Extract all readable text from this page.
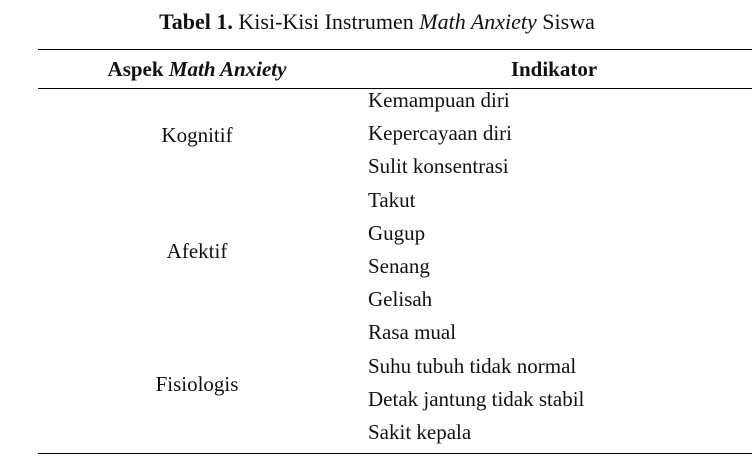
Tabel 1. Kisi-Kisi Instrumen Math Anxiety Siswa
Aspek Math Anxiety	Indikator
Kognitif
Afektif
Fisiologis
Kemampuan diri
Kepercayaan diri
Sulit konsentrasi
Takut
Gugup
Senang
Gelisah
Rasa mual
Suhu tubuh tidak normal
Detak jantung tidak stabil
Sakit kepala
